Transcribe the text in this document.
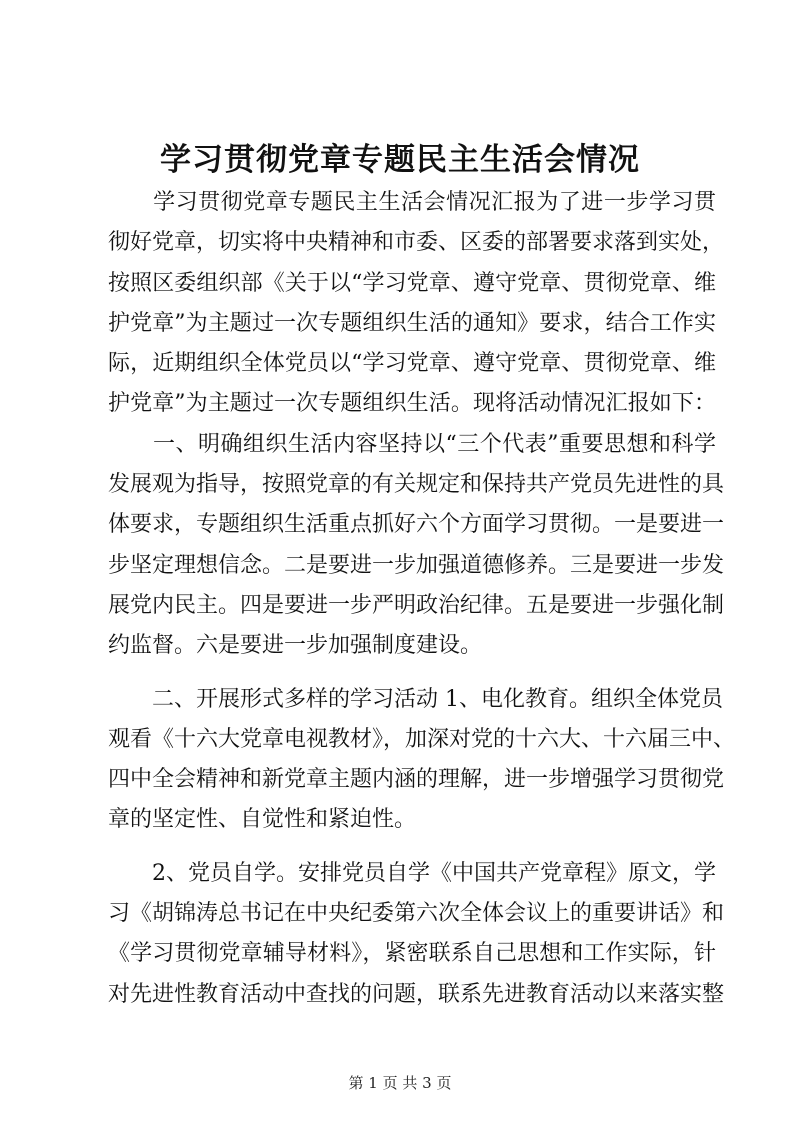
学习贯彻党章专题民主生活会情况
　　学习贯彻党章专题民主生活会情况汇报为了进一步学习贯
彻好党章，切实将中央精神和市委、区委的部署要求落到实处，
按照区委组织部《关于以“学习党章、遵守党章、贯彻党章、维
护党章”为主题过一次专题组织生活的通知》要求，结合工作实
际，近期组织全体党员以“学习党章、遵守党章、贯彻党章、维
护党章”为主题过一次专题组织生活。现将活动情况汇报如下：
　　一、明确组织生活内容坚持以“三个代表”重要思想和科学
发展观为指导，按照党章的有关规定和保持共产党员先进性的具
体要求，专题组织生活重点抓好六个方面学习贯彻。一是要进一
步坚定理想信念。二是要进一步加强道德修养。三是要进一步发
展党内民主。四是要进一步严明政治纪律。五是要进一步强化制
约监督。六是要进一步加强制度建设。
　　二、开展形式多样的学习活动 1、电化教育。组织全体党员
观看《十六大党章电视教材》，加深对党的十六大、十六届三中、
四中全会精神和新党章主题内涵的理解，进一步增强学习贯彻党
章的坚定性、自觉性和紧迫性。
　　2、党员自学。安排党员自学《中国共产党章程》原文，学
习《胡锦涛总书记在中央纪委第六次全体会议上的重要讲话》和
《学习贯彻党章辅导材料》，紧密联系自己思想和工作实际，针
对先进性教育活动中查找的问题，联系先进教育活动以来落实整
第 1 页 共 3 页
